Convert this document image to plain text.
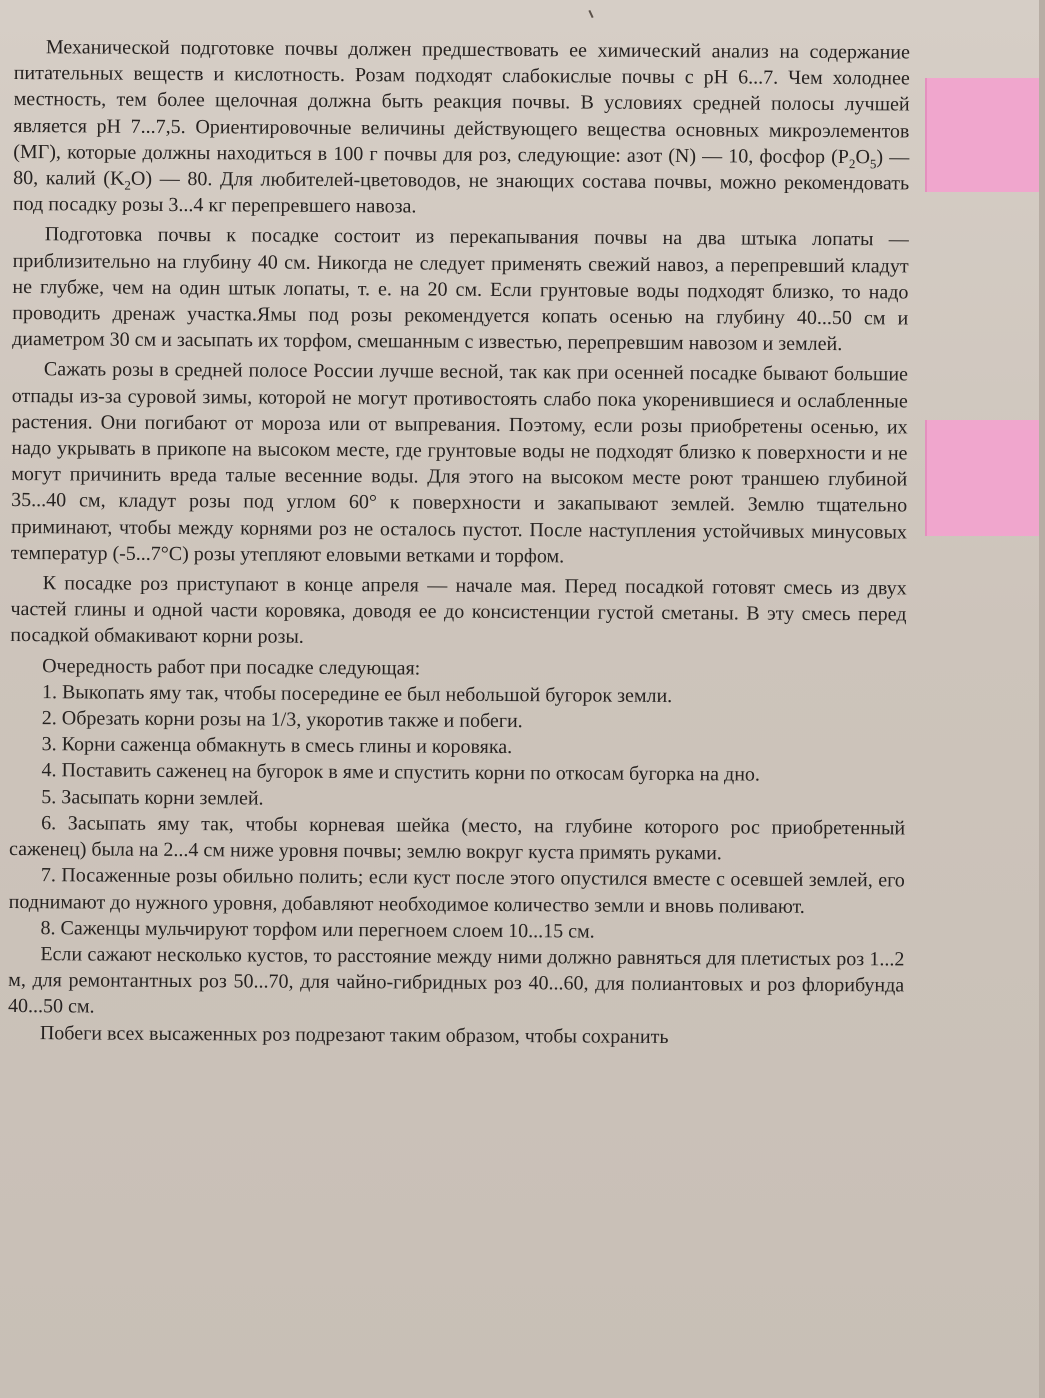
Механической подготовке почвы должен предшествовать ее химический анализ на содержание питательных веществ и кислотность. Розам подходят слабокислые почвы с pH 6...7. Чем холоднее местность, тем более щелочная должна быть реакция почвы. В условиях средней полосы лучшей является pH 7...7,5. Ориентировочные величины действующего вещества основных микроэлементов (МГ), которые должны находиться в 100 г почвы для роз, следующие: азот (N) — 10, фосфор $(P_2O_5)$ — 80, калий $(K_2O)$ — 80. Для любителей-цветоводов, не знающих состава почвы, можно рекомендовать под посадку розы 3...4 кг перепревшего навоза.

Подготовка почвы к посадке состоит из перекапывания почвы на два штыка лопаты — приблизительно на глубину 40 см. Никогда не следует применять свежий навоз, а перепревший кладут не глубже, чем на один штык лопаты, т. е. на 20 см. Если грунтовые воды подходят близко, то надо проводить дренаж участка.Ямы под розы рекомендуется копать осенью на глубину 40...50 см и диаметром 30 см и засыпать их торфом, смешанным с известью, перепревшим навозом и землей.

Сажать розы в средней полосе России лучше весной, так как при осенней посадке бывают большие отпады из-за суровой зимы, которой не могут противостоять слабо пока укоренившиеся и ослабленные растения. Они погибают от мороза или от выпревания. Поэтому, если розы приобретены осенью, их надо укрывать в прикопе на высоком месте, где грунтовые воды не подходят близко к поверхности и не могут причинить вреда талые весенние воды. Для этого на высоком месте роют траншею глубиной 35...40 см, кладут розы под углом 60° к поверхности и закапывают землей. Землю тщательно приминают, чтобы между корнями роз не осталось пустот. После наступления устойчивых минусовых температур (-5...7°C) розы утепляют еловыми ветками и торфом.

К посадке роз приступают в конце апреля — начале мая. Перед посадкой готовят смесь из двух частей глины и одной части коровяка, доводя ее до консистенции густой сметаны. В эту смесь перед посадкой обмакивают корни розы.

Очередность работ при посадке следующая:

1. Выкопать яму так, чтобы посередине ее был небольшой бугорок земли.

2. Обрезать корни розы на 1/3, укоротив также и побеги.

3. Корни саженца обмакнуть в смесь глины и коровяка.

4. Поставить саженец на бугорок в яме и спустить корни по откосам бугорка на дно.

5. Засыпать корни землей.

6. Засыпать яму так, чтобы корневая шейка (место, на глубине которого рос приобретенный саженец) была на 2...4 см ниже уровня почвы; землю вокруг куста примять руками.

7. Посаженные розы обильно полить; если куст после этого опустился вместе с осевшей землей, его поднимают до нужного уровня, добавляют необходимое количество земли и вновь поливают.

8. Саженцы мульчируют торфом или перегноем слоем 10...15 см.

Если сажают несколько кустов, то расстояние между ними должно равняться для плетистых роз 1...2 м, для ремонтантных роз 50...70, для чайно-гибридных роз 40...60, для полиантовых и роз флорибунда 40...50 см.

Побеги всех высаженных роз подрезают таким образом, чтобы сохранить
